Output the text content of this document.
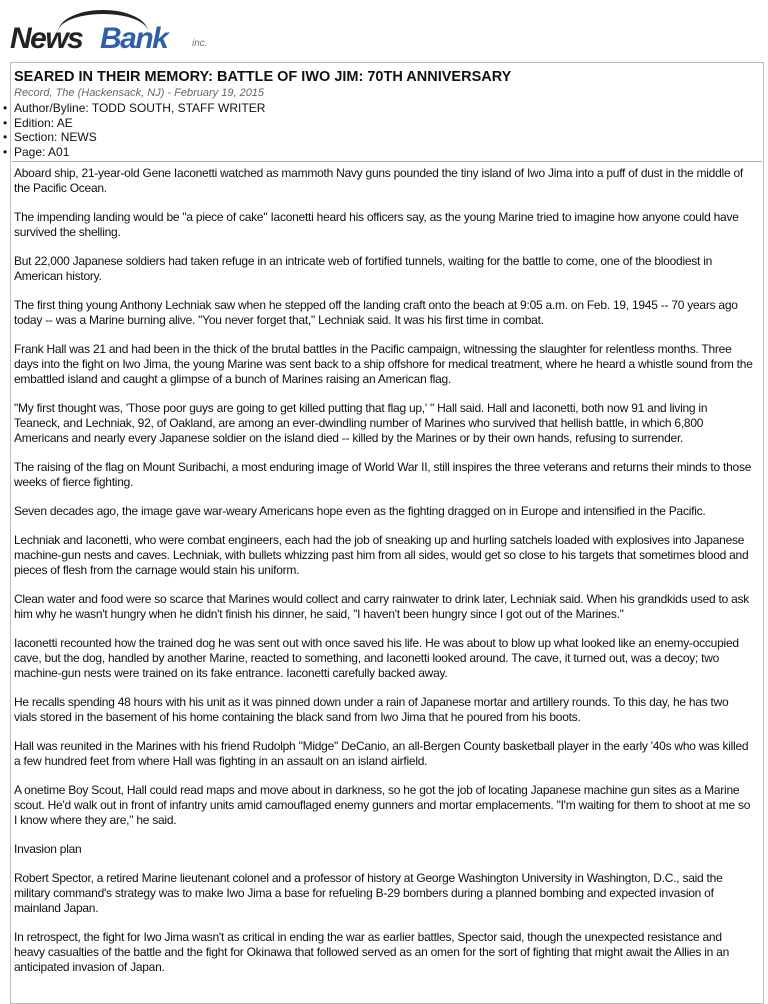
News Bank inc.
SEARED IN THEIR MEMORY: BATTLE OF IWO JIM: 70TH ANNIVERSARY
Record, The (Hackensack, NJ) - February 19, 2015
• Author/Byline: TODD SOUTH, STAFF WRITER
• Edition: AE
• Section: NEWS
• Page: A01

Aboard ship, 21-year-old Gene Iaconetti watched as mammoth Navy guns pounded the tiny island of Iwo Jima into a puff of dust in the middle of the Pacific Ocean.

The impending landing would be "a piece of cake" Iaconetti heard his officers say, as the young Marine tried to imagine how anyone could have survived the shelling.

But 22,000 Japanese soldiers had taken refuge in an intricate web of fortified tunnels, waiting for the battle to come, one of the bloodiest in American history.

The first thing young Anthony Lechniak saw when he stepped off the landing craft onto the beach at 9:05 a.m. on Feb. 19, 1945 -- 70 years ago today -- was a Marine burning alive. "You never forget that," Lechniak said. It was his first time in combat.

Frank Hall was 21 and had been in the thick of the brutal battles in the Pacific campaign, witnessing the slaughter for relentless months. Three days into the fight on Iwo Jima, the young Marine was sent back to a ship offshore for medical treatment, where he heard a whistle sound from the embattled island and caught a glimpse of a bunch of Marines raising an American flag.

"My first thought was, 'Those poor guys are going to get killed putting that flag up,' " Hall said. Hall and Iaconetti, both now 91 and living in Teaneck, and Lechniak, 92, of Oakland, are among an ever-dwindling number of Marines who survived that hellish battle, in which 6,800 Americans and nearly every Japanese soldier on the island died -- killed by the Marines or by their own hands, refusing to surrender.

The raising of the flag on Mount Suribachi, a most enduring image of World War II, still inspires the three veterans and returns their minds to those weeks of fierce fighting.

Seven decades ago, the image gave war-weary Americans hope even as the fighting dragged on in Europe and intensified in the Pacific.

Lechniak and Iaconetti, who were combat engineers, each had the job of sneaking up and hurling satchels loaded with explosives into Japanese machine-gun nests and caves. Lechniak, with bullets whizzing past him from all sides, would get so close to his targets that sometimes blood and pieces of flesh from the carnage would stain his uniform.

Clean water and food were so scarce that Marines would collect and carry rainwater to drink later, Lechniak said. When his grandkids used to ask him why he wasn't hungry when he didn't finish his dinner, he said, "I haven't been hungry since I got out of the Marines."

Iaconetti recounted how the trained dog he was sent out with once saved his life. He was about to blow up what looked like an enemy-occupied cave, but the dog, handled by another Marine, reacted to something, and Iaconetti looked around. The cave, it turned out, was a decoy; two machine-gun nests were trained on its fake entrance. Iaconetti carefully backed away.

He recalls spending 48 hours with his unit as it was pinned down under a rain of Japanese mortar and artillery rounds. To this day, he has two vials stored in the basement of his home containing the black sand from Iwo Jima that he poured from his boots.

Hall was reunited in the Marines with his friend Rudolph "Midge" DeCanio, an all-Bergen County basketball player in the early '40s who was killed a few hundred feet from where Hall was fighting in an assault on an island airfield.

A onetime Boy Scout, Hall could read maps and move about in darkness, so he got the job of locating Japanese machine gun sites as a Marine scout. He'd walk out in front of infantry units amid camouflaged enemy gunners and mortar emplacements. "I'm waiting for them to shoot at me so I know where they are," he said.

Invasion plan

Robert Spector, a retired Marine lieutenant colonel and a professor of history at George Washington University in Washington, D.C., said the military command's strategy was to make Iwo Jima a base for refueling B-29 bombers during a planned bombing and expected invasion of mainland Japan.

In retrospect, the fight for Iwo Jima wasn't as critical in ending the war as earlier battles, Spector said, though the unexpected resistance and heavy casualties of the battle and the fight for Okinawa that followed served as an omen for the sort of fighting that might await the Allies in an anticipated invasion of Japan.
